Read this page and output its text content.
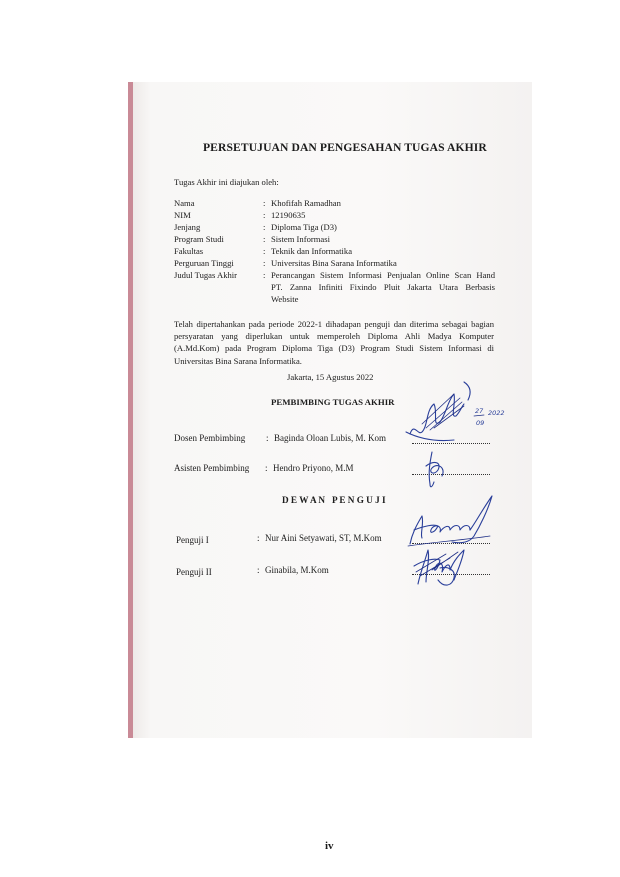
PERSETUJUAN DAN PENGESAHAN TUGAS AKHIR
Tugas Akhir ini diajukan oleh:
Nama	: Khofifah Ramadhan
NIM	: 12190635
Jenjang	: Diploma Tiga (D3)
Program Studi	: Sistem Informasi
Fakultas	: Teknik dan Informatika
Perguruan Tinggi	: Universitas Bina Sarana Informatika
Judul Tugas Akhir	: Perancangan Sistem Informasi Penjualan Online Scan Hand
PT. Zanna Infiniti Fixindo Pluit Jakarta Utara Berbasis
Website
Telah dipertahankan pada periode 2022-1 dihadapan penguji dan diterima sebagai bagian persyaratan yang diperlukan untuk memperoleh Diploma Ahli Madya Komputer (A.Md.Kom) pada Program Diploma Tiga (D3) Program Studi Sistem Informasi di Universitas Bina Sarana Informatika.
Jakarta, 15 Agustus 2022
PEMBIMBING TUGAS AKHIR
Dosen Pembimbing : Baginda Oloan Lubis, M. Kom
Asisten Pembimbing : Hendro Priyono, M.M
D E W A N   P E N G U J I
Penguji I	: Nur Aini Setyawati, ST, M.Kom
Penguji II	: Ginabila, M.Kom
27
09
2022
iv
